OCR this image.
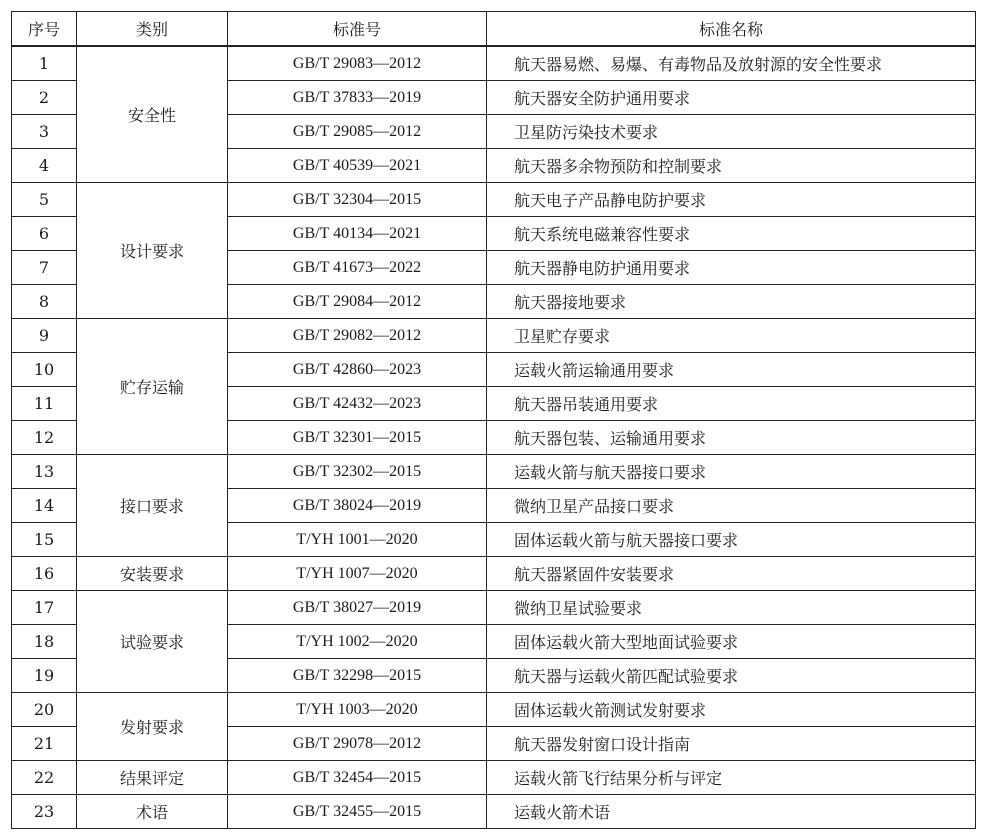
序号	类别	标准号	标准名称
1	安全性	GB/T 29083—2012	航天器易燃、易爆、有毒物品及放射源的安全性要求
2		GB/T 37833—2019	航天器安全防护通用要求
3		GB/T 29085—2012	卫星防污染技术要求
4		GB/T 40539—2021	航天器多余物预防和控制要求
5	设计要求	GB/T 32304—2015	航天电子产品静电防护要求
6		GB/T 40134—2021	航天系统电磁兼容性要求
7		GB/T 41673—2022	航天器静电防护通用要求
8		GB/T 29084—2012	航天器接地要求
9	贮存运输	GB/T 29082—2012	卫星贮存要求
10		GB/T 42860—2023	运载火箭运输通用要求
11		GB/T 42432—2023	航天器吊装通用要求
12		GB/T 32301—2015	航天器包装、运输通用要求
13	接口要求	GB/T 32302—2015	运载火箭与航天器接口要求
14		GB/T 38024—2019	微纳卫星产品接口要求
15		T/YH 1001—2020	固体运载火箭与航天器接口要求
16	安装要求	T/YH 1007—2020	航天器紧固件安装要求
17	试验要求	GB/T 38027—2019	微纳卫星试验要求
18		T/YH 1002—2020	固体运载火箭大型地面试验要求
19		GB/T 32298—2015	航天器与运载火箭匹配试验要求
20	发射要求	T/YH 1003—2020	固体运载火箭测试发射要求
21		GB/T 29078—2012	航天器发射窗口设计指南
22	结果评定	GB/T 32454—2015	运载火箭飞行结果分析与评定
23	术语	GB/T 32455—2015	运载火箭术语
